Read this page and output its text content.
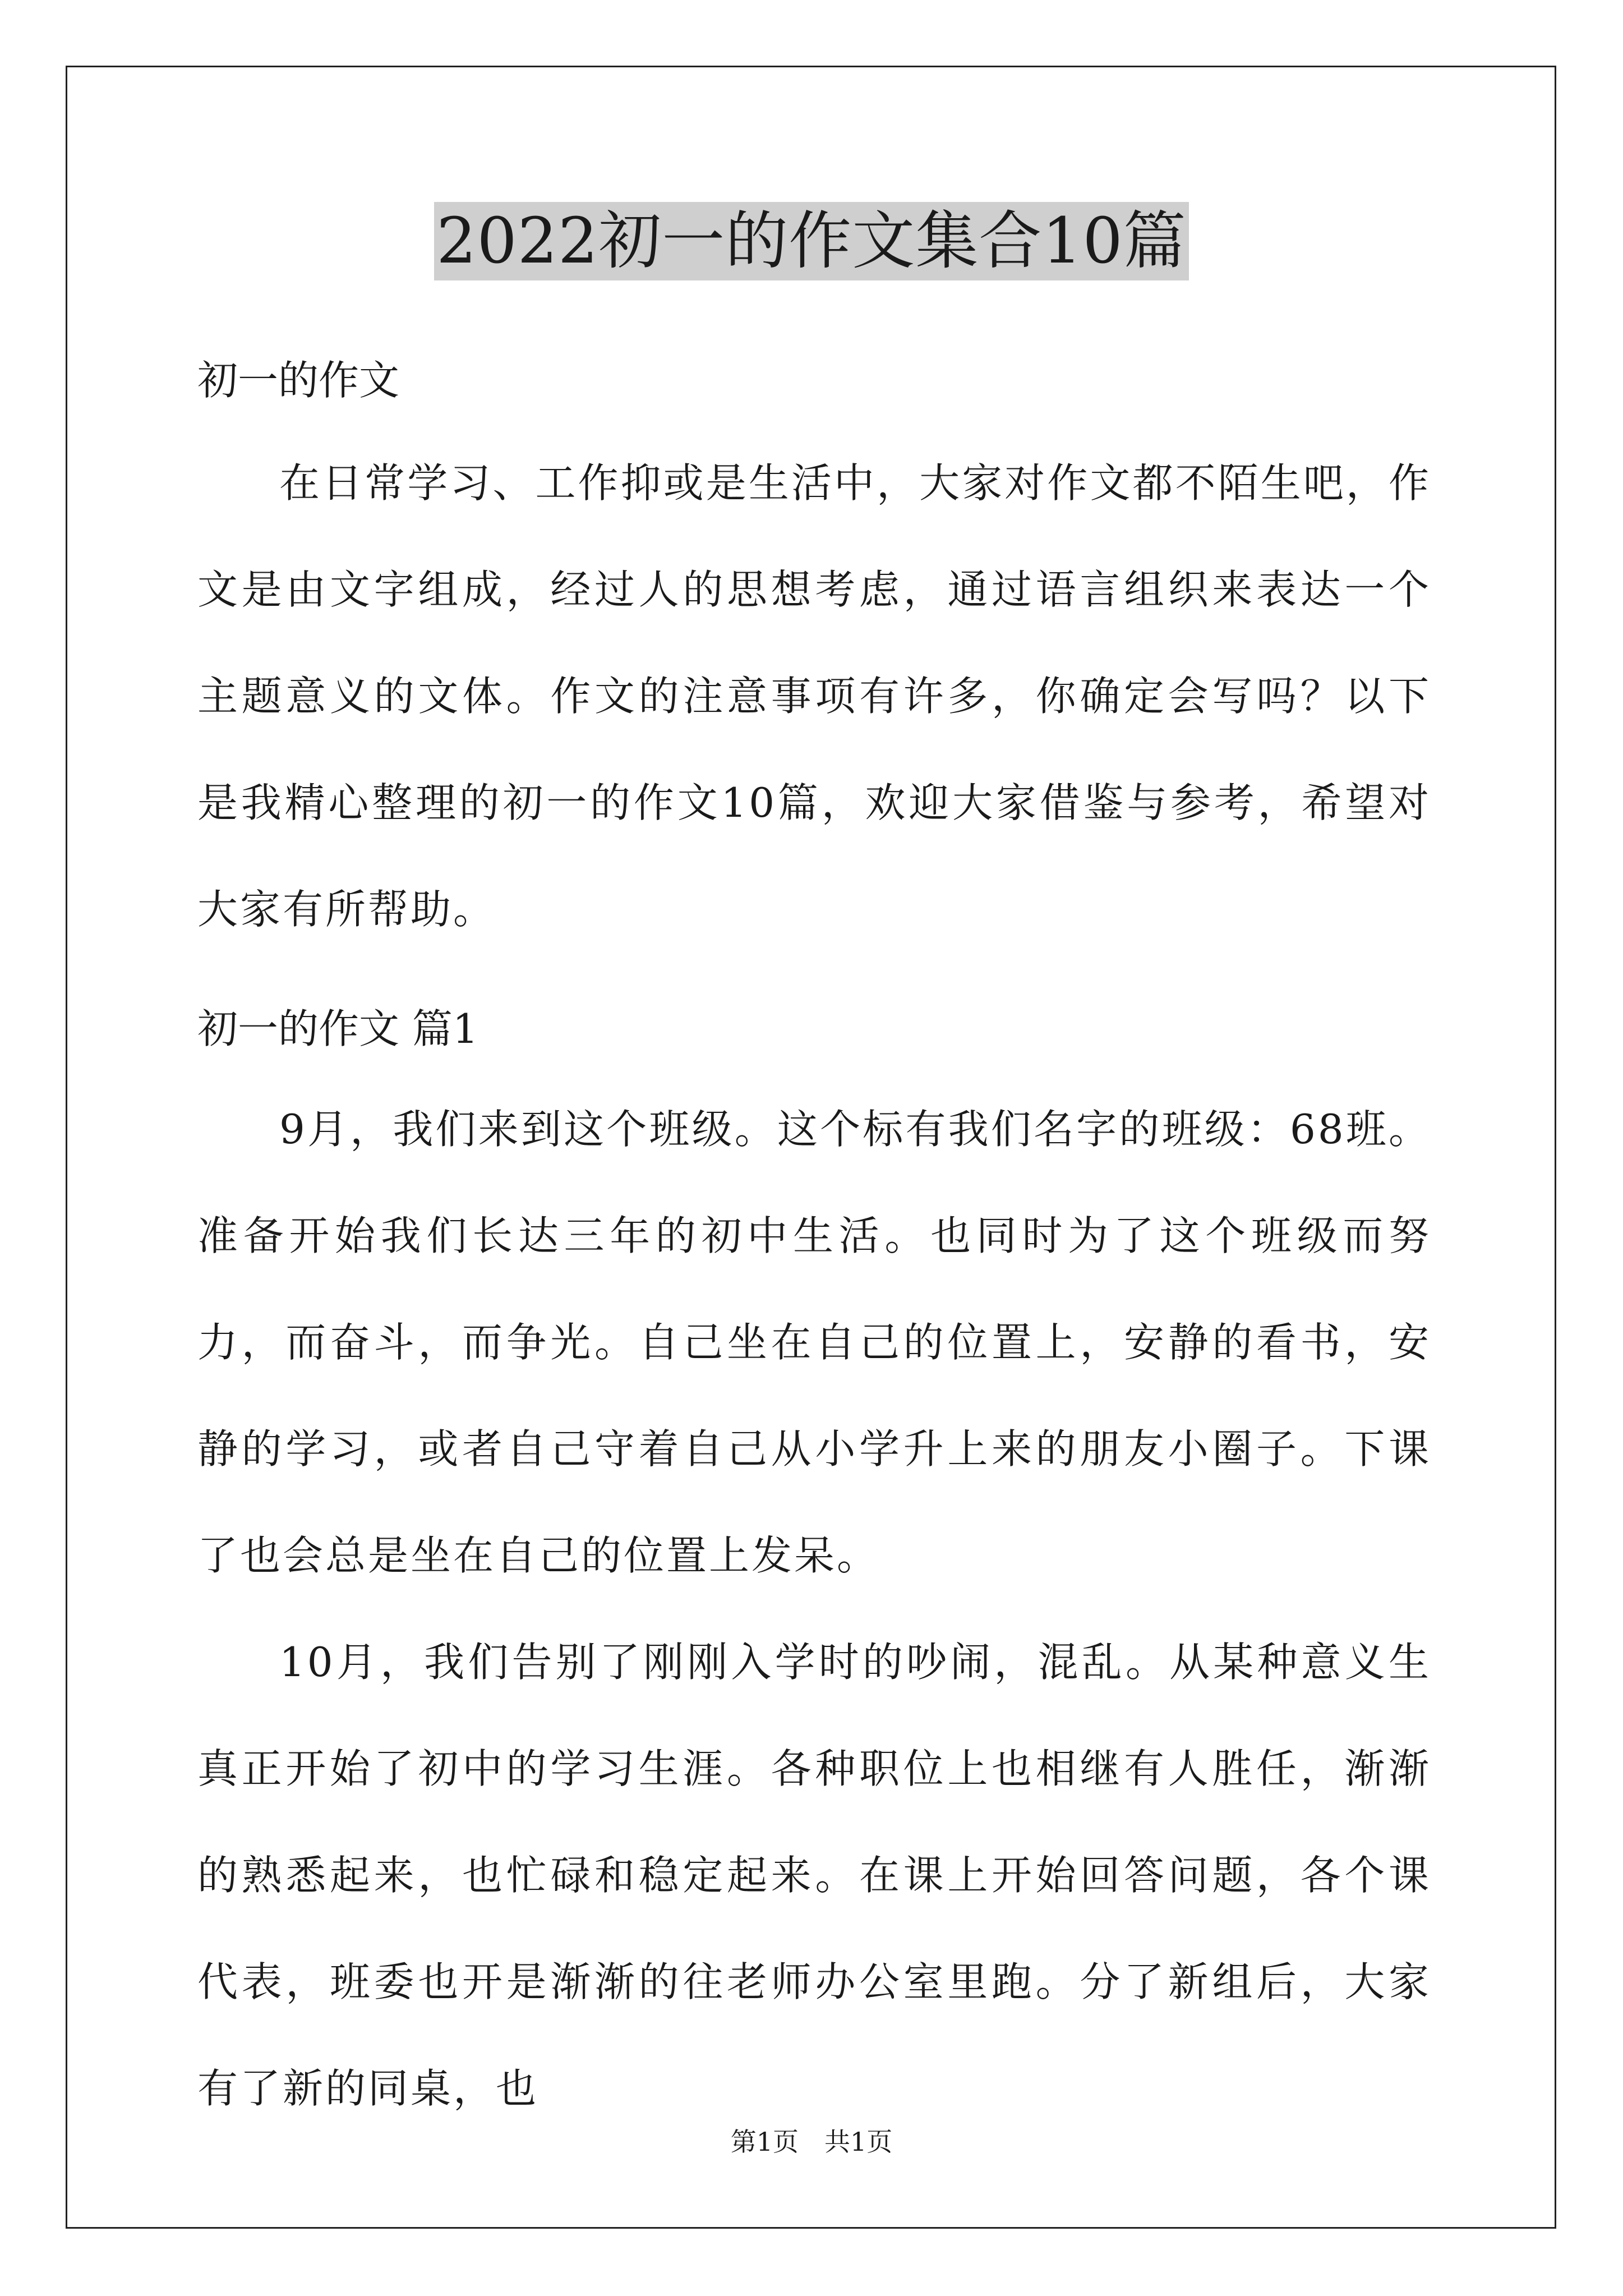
2022初一的作文集合10篇
初一的作文

在日常学习、工作抑或是生活中，大家对作文都不陌生吧，作文是由文字组成，经过人的思想考虑，通过语言组织来表达一个主题意义的文体。作文的注意事项有许多，你确定会写吗？以下是我精心整理的初一的作文10篇，欢迎大家借鉴与参考，希望对大家有所帮助。

初一的作文 篇1

9月，我们来到这个班级。这个标有我们名字的班级：68班。准备开始我们长达三年的初中生活。也同时为了这个班级而努力，而奋斗，而争光。自己坐在自己的位置上，安静的看书，安静的学习，或者自己守着自己从小学升上来的朋友小圈子。下课了也会总是坐在自己的位置上发呆。

10月，我们告别了刚刚入学时的吵闹，混乱。从某种意义生真正开始了初中的学习生涯。各种职位上也相继有人胜任，渐渐的熟悉起来，也忙碌和稳定起来。在课上开始回答问题，各个课代表，班委也开是渐渐的往老师办公室里跑。分了新组后，大家有了新的同桌，也

第1页　共1页
